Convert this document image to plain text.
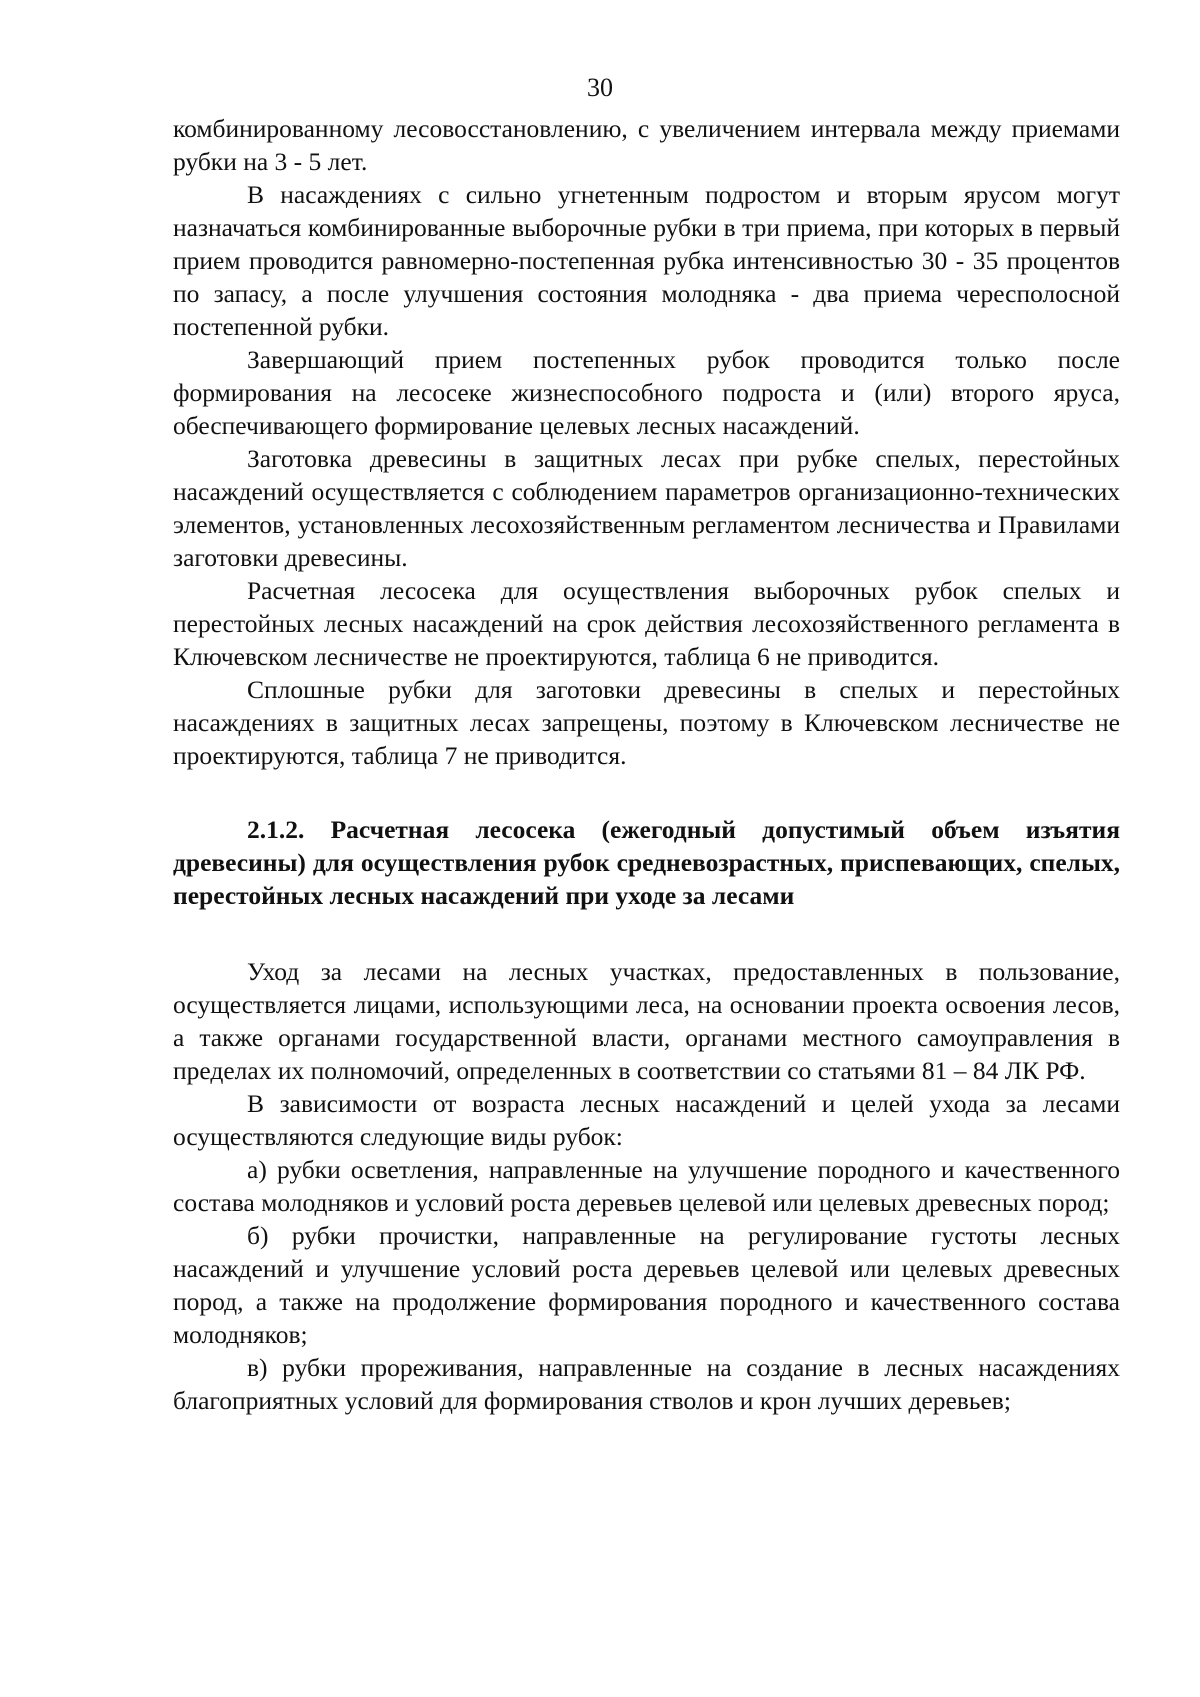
30

комбинированному лесовосстановлению, с увеличением интервала между приемами рубки на 3 - 5 лет.

В насаждениях с сильно угнетенным подростом и вторым ярусом могут назначаться комбинированные выборочные рубки в три приема, при которых в первый прием проводится равномерно-постепенная рубка интенсивностью 30 - 35 процентов по запасу, а после улучшения состояния молодняка - два приема чересполосной постепенной рубки.

Завершающий прием постепенных рубок проводится только после формирования на лесосеке жизнеспособного подроста и (или) второго яруса, обеспечивающего формирование целевых лесных насаждений.

Заготовка древесины в защитных лесах при рубке спелых, перестойных насаждений осуществляется с соблюдением параметров организационно-технических элементов, установленных лесохозяйственным регламентом лесничества и Правилами заготовки древесины.

Расчетная лесосека для осуществления выборочных рубок спелых и перестойных лесных насаждений на срок действия лесохозяйственного регламента в Ключевском лесничестве не проектируются, таблица 6 не приводится.

Сплошные рубки для заготовки древесины в спелых и перестойных насаждениях в защитных лесах запрещены, поэтому в Ключевском лесничестве не проектируются, таблица 7 не приводится.

2.1.2. Расчетная лесосека (ежегодный допустимый объем изъятия древесины) для осуществления рубок средневозрастных, приспевающих, спелых, перестойных лесных насаждений при уходе за лесами

Уход за лесами на лесных участках, предоставленных в пользование, осуществляется лицами, использующими леса, на основании проекта освоения лесов, а также органами государственной власти, органами местного самоуправления в пределах их полномочий, определенных в соответствии со статьями 81 – 84 ЛК РФ.

В зависимости от возраста лесных насаждений и целей ухода за лесами осуществляются следующие виды рубок:

а) рубки осветления, направленные на улучшение породного и качественного состава молодняков и условий роста деревьев целевой или целевых древесных пород;

б) рубки прочистки, направленные на регулирование густоты лесных насаждений и улучшение условий роста деревьев целевой или целевых древесных пород, а также на продолжение формирования породного и качественного состава молодняков;

в) рубки прореживания, направленные на создание в лесных насаждениях благоприятных условий для формирования стволов и крон лучших деревьев;
